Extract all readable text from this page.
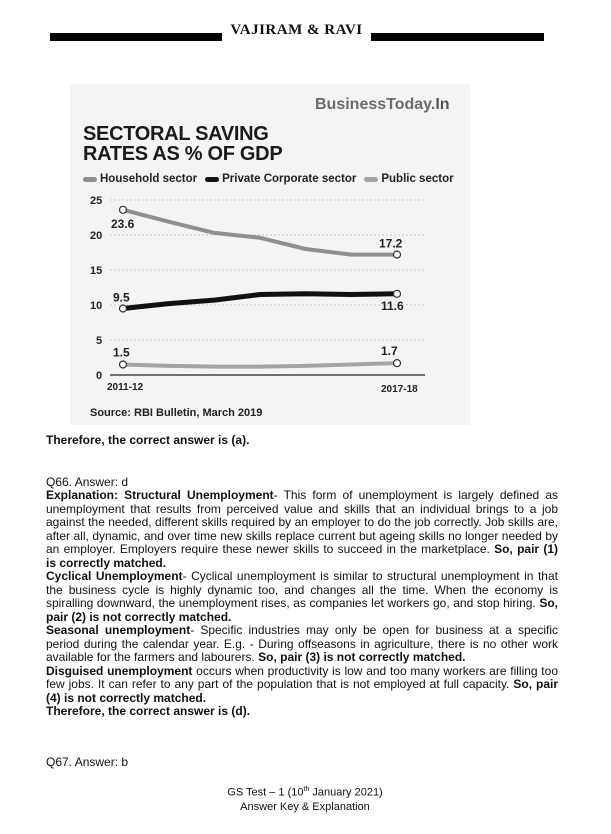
VAJIRAM & RAVI
BusinessToday.In
SECTORAL SAVING
RATES AS % OF GDP
Household sector Private Corporate sector Public sector
0
5
10
15
20
25
2011-12	2017-18
23.6
17.2
9.5
11.6
1.5	1.7
Source: RBI Bulletin, March 2019
Therefore, the correct answer is (a).
Q66. Answer: d

Explanation: Structural Unemployment- This form of unemployment is largely defined as unemployment that results from perceived value and skills that an individual brings to a job against the needed, different skills required by an employer to do the job correctly. Job skills are, after all, dynamic, and over time new skills replace current but ageing skills no longer needed by an employer. Employers require these newer skills to succeed in the marketplace. So, pair (1) is correctly matched.

Cyclical Unemployment- Cyclical unemployment is similar to structural unemployment in that the business cycle is highly dynamic too, and changes all the time. When the economy is spiralling downward, the unemployment rises, as companies let workers go, and stop hiring. So, pair (2) is not correctly matched.

Seasonal unemployment- Specific industries may only be open for business at a specific period during the calendar year. E.g. - During offseasons in agriculture, there is no other work available for the farmers and labourers. So, pair (3) is not correctly matched.

Disguised unemployment occurs when productivity is low and too many workers are filling too few jobs. It can refer to any part of the population that is not employed at full capacity. So, pair (4) is not correctly matched.

Therefore, the correct answer is (d).

Q67. Answer: b
GS Test – 1 (10th January 2021)
Answer Key & Explanation
